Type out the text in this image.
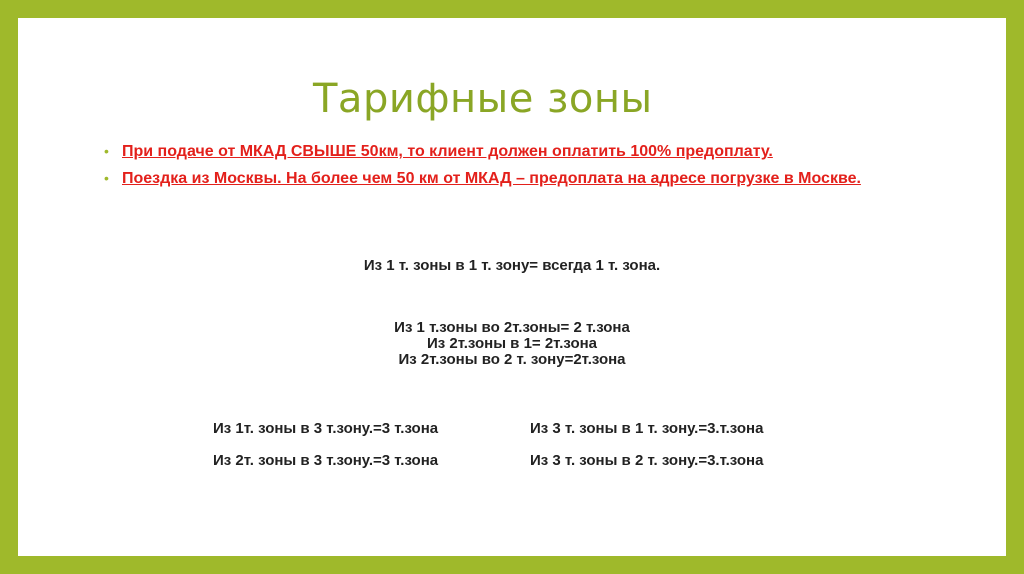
Тарифные зоны
• При подаче от МКАД СВЫШЕ 50км, то клиент должен оплатить 100% предоплату.
• Поездка из Москвы. На более чем 50 км от МКАД – предоплата на адресе погрузке в Москве.
Из 1 т. зоны в 1 т. зону= всегда 1 т. зона.
Из 1 т.зоны во 2т.зоны= 2 т.зона
Из 2т.зоны в 1= 2т.зона
Из 2т.зоны во 2 т. зону=2т.зона
Из 1т. зоны в 3 т.зону.=3 т.зона
Из 2т. зоны в 3 т.зону.=3 т.зона
Из 3 т. зоны в 1 т. зону.=3.т.зона
Из 3 т. зоны в 2 т. зону.=3.т.зона
